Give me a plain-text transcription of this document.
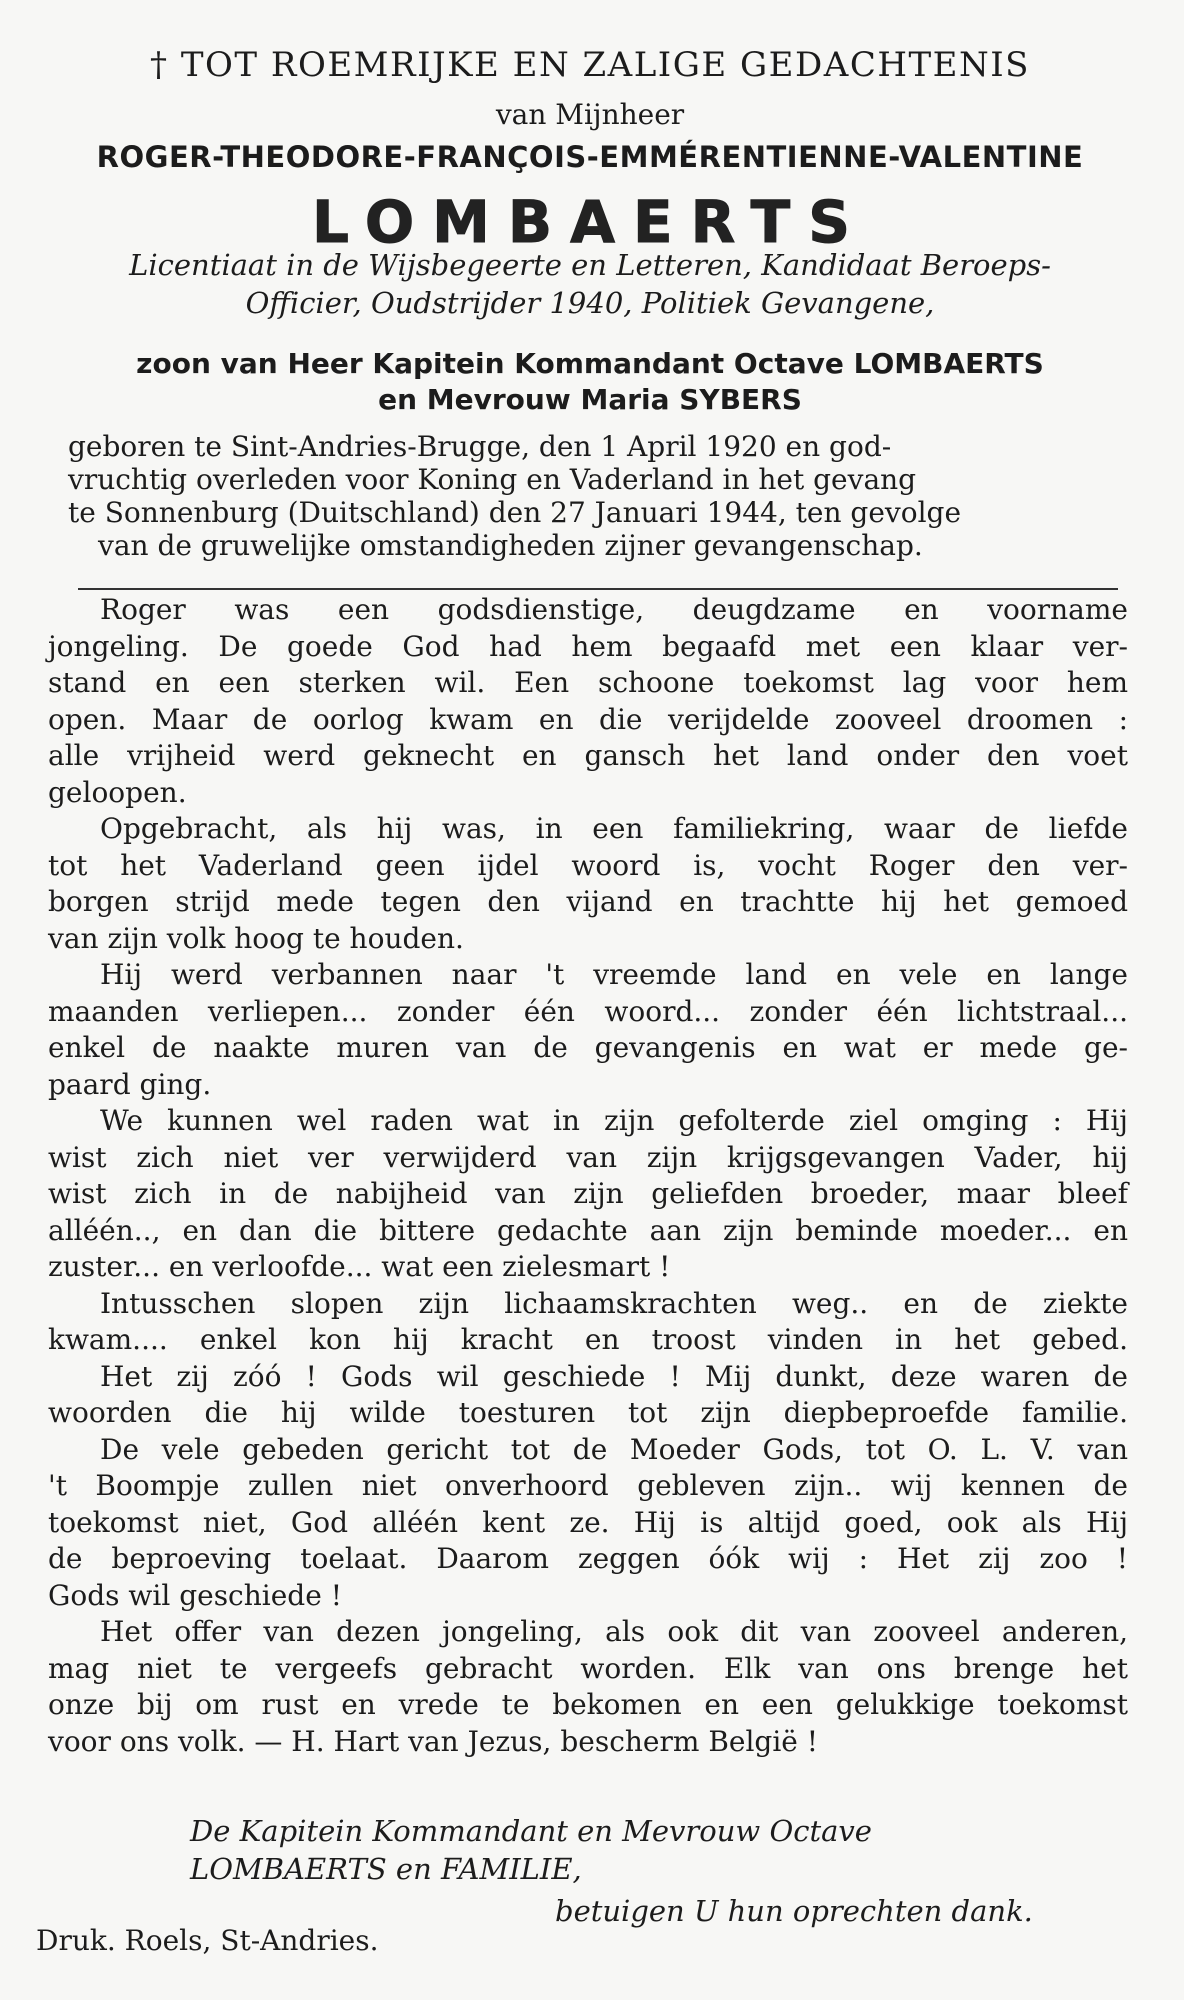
† TOT ROEMRIJKE EN ZALIGE GEDACHTENIS
van Mijnheer
ROGER-THEODORE-FRANÇOIS-EMMÉRENTIENNE-VALENTINE
LOMBAERTS
Licentiaat in de Wijsbegeerte en Letteren, Kandidaat Beroeps-
Officier, Oudstrijder 1940, Politiek Gevangene,
zoon van Heer Kapitein Kommandant Octave LOMBAERTS
en Mevrouw Maria SYBERS
geboren te Sint-Andries-Brugge, den 1 April 1920 en god-
vruchtig overleden voor Koning en Vaderland in het gevang
te Sonnenburg (Duitschland) den 27 Januari 1944, ten gevolge
van de gruwelijke omstandigheden zijner gevangenschap.

Roger was een godsdienstige, deugdzame en voorname
jongeling. De goede God had hem begaafd met een klaar ver-
stand en een sterken wil. Een schoone toekomst lag voor hem
open. Maar de oorlog kwam en die verijdelde zooveel droomen :
alle vrijheid werd geknecht en gansch het land onder den voet
geloopen.

Opgebracht, als hij was, in een familiekring, waar de liefde
tot het Vaderland geen ijdel woord is, vocht Roger den ver-
borgen strijd mede tegen den vijand en trachtte hij het gemoed
van zijn volk hoog te houden.

Hij werd verbannen naar 't vreemde land en vele en lange
maanden verliepen... zonder één woord... zonder één lichtstraal...
enkel de naakte muren van de gevangenis en wat er mede ge-
paard ging.

We kunnen wel raden wat in zijn gefolterde ziel omging : Hij
wist zich niet ver verwijderd van zijn krijgsgevangen Vader, hij
wist zich in de nabijheid van zijn geliefden broeder, maar bleef
alléén.., en dan die bittere gedachte aan zijn beminde moeder... en
zuster... en verloofde... wat een zielesmart !

Intusschen slopen zijn lichaamskrachten weg.. en de ziekte
kwam.... enkel kon hij kracht en troost vinden in het gebed.

Het zij zóó ! Gods wil geschiede ! Mij dunkt, deze waren de
woorden die hij wilde toesturen tot zijn diepbeproefde familie.

De vele gebeden gericht tot de Moeder Gods, tot O. L. V. van
't Boompje zullen niet onverhoord gebleven zijn.. wij kennen de
toekomst niet, God alléén kent ze. Hij is altijd goed, ook als Hij
de beproeving toelaat. Daarom zeggen óók wij : Het zij zoo !
Gods wil geschiede !

Het offer van dezen jongeling, als ook dit van zooveel anderen,
mag niet te vergeefs gebracht worden. Elk van ons brenge het
onze bij om rust en vrede te bekomen en een gelukkige toekomst
voor ons volk. — H. Hart van Jezus, bescherm België !

De Kapitein Kommandant en Mevrouw Octave
LOMBAERTS en FAMILIE,
betuigen U hun oprechten dank.
Druk. Roels, St-Andries.
